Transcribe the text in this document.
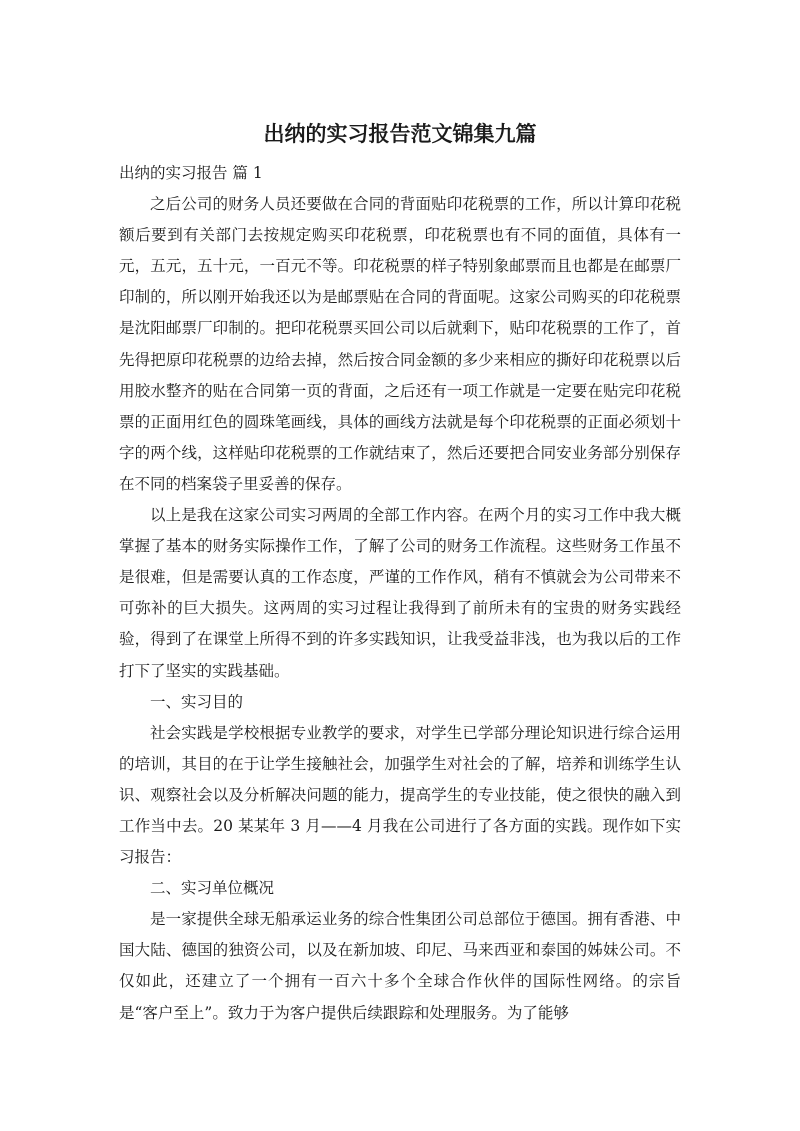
出纳的实习报告范文锦集九篇

出纳的实习报告 篇 1

之后公司的财务人员还要做在合同的背面贴印花税票的工作，所以计算印花税额后要到有关部门去按规定购买印花税票，印花税票也有不同的面值，具体有一元，五元，五十元，一百元不等。印花税票的样子特别象邮票而且也都是在邮票厂印制的，所以刚开始我还以为是邮票贴在合同的背面呢。这家公司购买的印花税票是沈阳邮票厂印制的。把印花税票买回公司以后就剩下，贴印花税票的工作了，首先得把原印花税票的边给去掉，然后按合同金额的多少来相应的撕好印花税票以后用胶水整齐的贴在合同第一页的背面，之后还有一项工作就是一定要在贴完印花税票的正面用红色的圆珠笔画线，具体的画线方法就是每个印花税票的正面必须划十字的两个线，这样贴印花税票的工作就结束了，然后还要把合同安业务部分别保存在不同的档案袋子里妥善的保存。

以上是我在这家公司实习两周的全部工作内容。在两个月的实习工作中我大概掌握了基本的财务实际操作工作，了解了公司的财务工作流程。这些财务工作虽不是很难，但是需要认真的工作态度，严谨的工作作风，稍有不慎就会为公司带来不可弥补的巨大损失。这两周的实习过程让我得到了前所未有的宝贵的财务实践经验，得到了在课堂上所得不到的许多实践知识，让我受益非浅，也为我以后的工作打下了坚实的实践基础。

一、实习目的

社会实践是学校根据专业教学的要求，对学生已学部分理论知识进行综合运用的培训，其目的在于让学生接触社会，加强学生对社会的了解，培养和训练学生认识、观察社会以及分析解决问题的能力，提高学生的专业技能，使之很快的融入到工作当中去。20 某某年 3 月——4 月我在公司进行了各方面的实践。现作如下实习报告：

二、实习单位概况

是一家提供全球无船承运业务的综合性集团公司总部位于德国。拥有香港、中国大陆、德国的独资公司，以及在新加坡、印尼、马来西亚和泰国的姊妹公司。不仅如此，还建立了一个拥有一百六十多个全球合作伙伴的国际性网络。的宗旨是“客户至上”。致力于为客户提供后续跟踪和处理服务。为了能够
